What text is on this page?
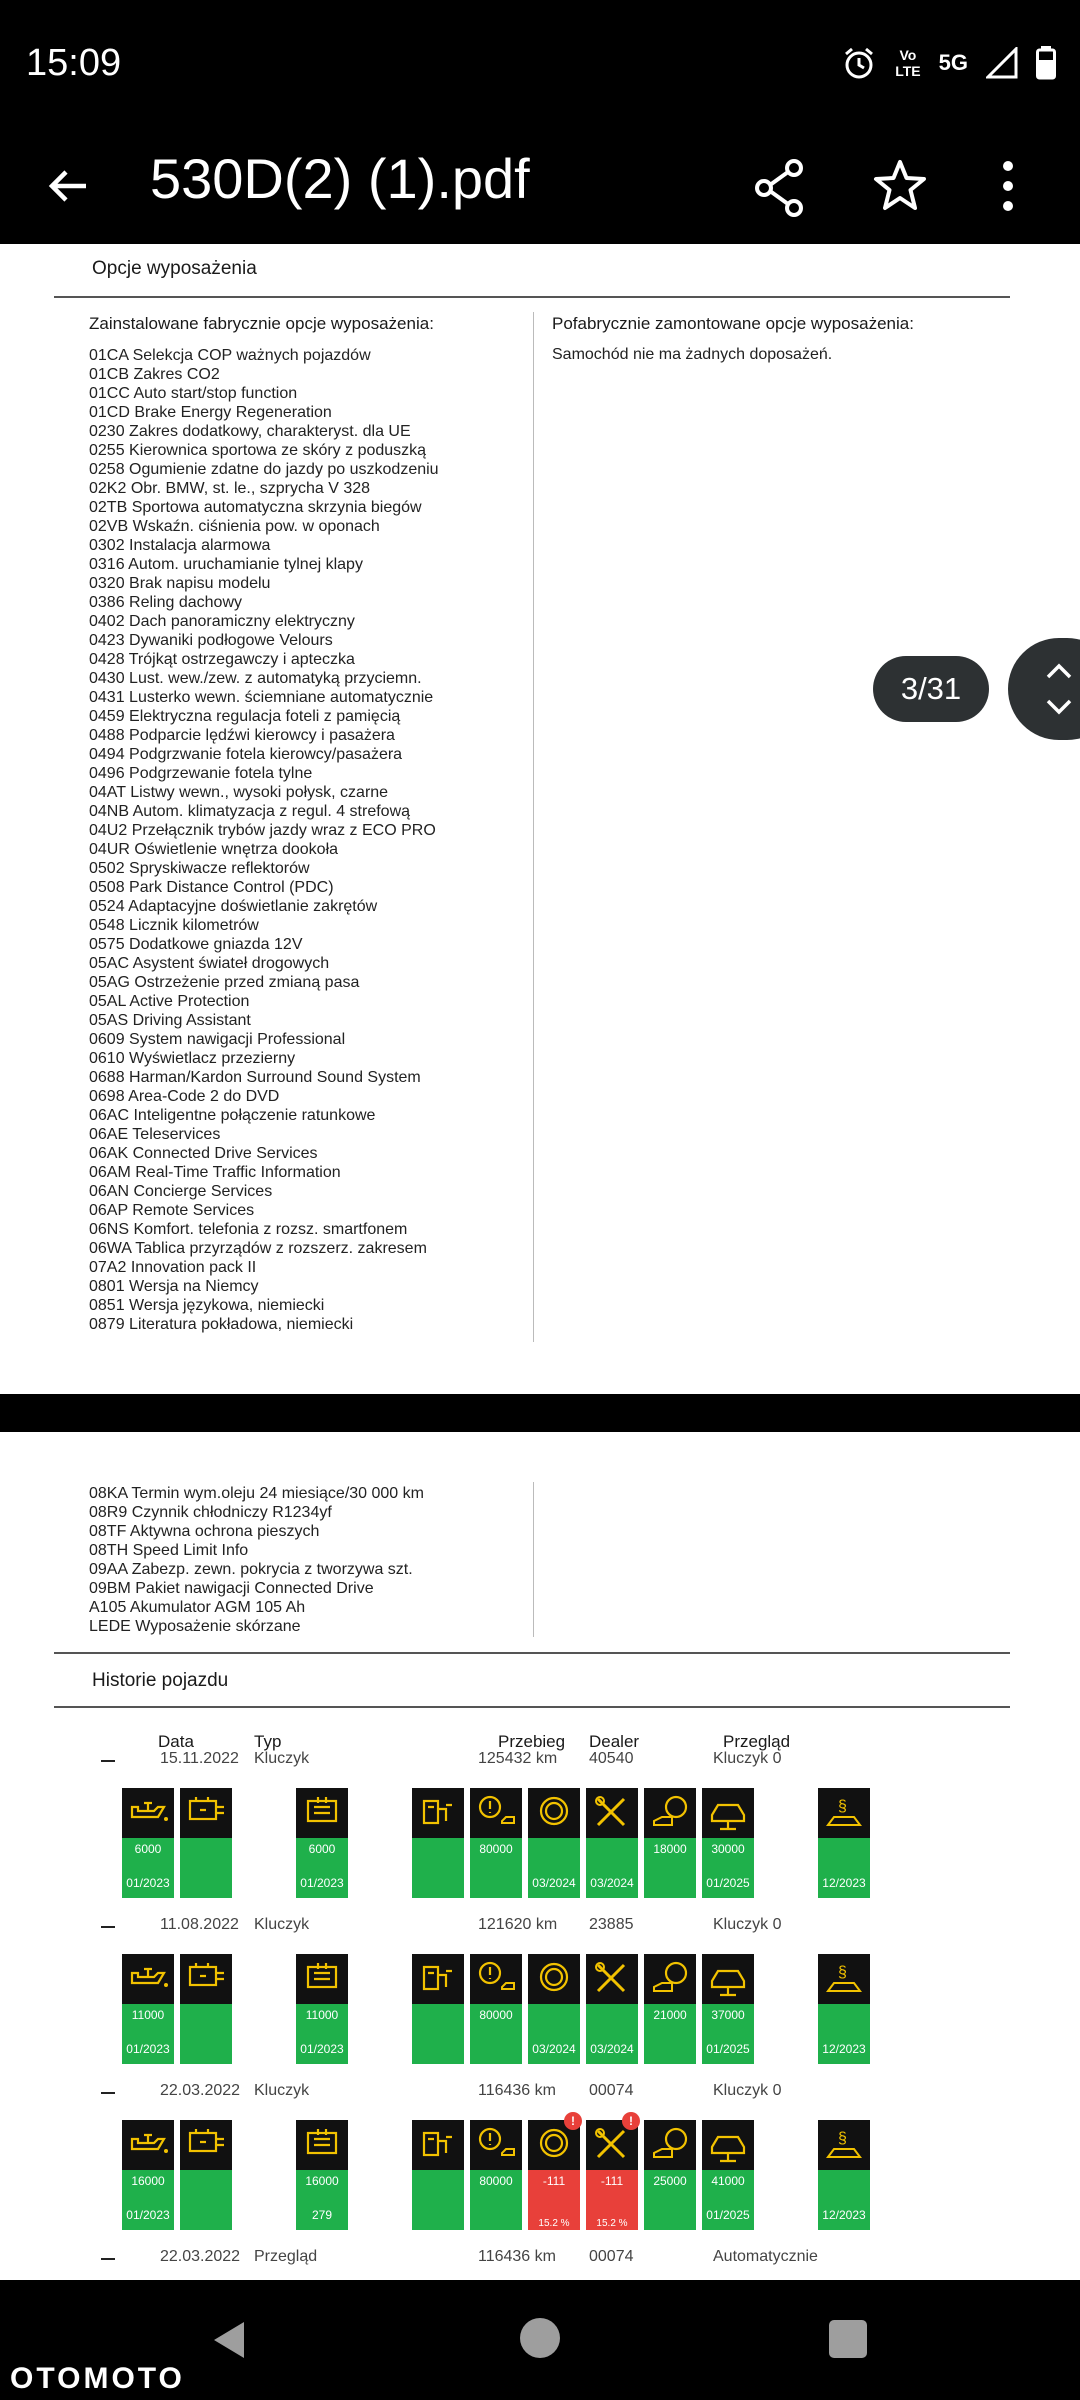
15:09	Vo
LTE 5G
530D(2) (1).pdf
Opcje wyposażenia
Zainstalowane fabrycznie opcje wyposażenia:	Pofabrycznie zamontowane opcje wyposażenia:
Samochód nie ma żadnych doposażeń.
01CA Selekcja COP ważnych pojazdów
01CB Zakres CO2
01CC Auto start/stop function
01CD Brake Energy Regeneration
0230 Zakres dodatkowy, charakteryst. dla UE
0255 Kierownica sportowa ze skóry z poduszką
0258 Ogumienie zdatne do jazdy po uszkodzeniu
02K2 Obr. BMW, st. le., szprycha V 328
02TB Sportowa automatyczna skrzynia biegów
02VB Wskaźn. ciśnienia pow. w oponach
0302 Instalacja alarmowa
0316 Autom. uruchamianie tylnej klapy
0320 Brak napisu modelu
0386 Reling dachowy
0402 Dach panoramiczny elektryczny
0423 Dywaniki podłogowe Velours
0428 Trójkąt ostrzegawczy i apteczka
0430 Lust. wew./zew. z automatyką przyciemn.
0431 Lusterko wewn. ściemniane automatycznie
0459 Elektryczna regulacja foteli z pamięcią
0488 Podparcie lędźwi kierowcy i pasażera
0494 Podgrzwanie fotela kierowcy/pasażera
0496 Podgrzewanie fotela tylne
04AT Listwy wewn., wysoki połysk, czarne
04NB Autom. klimatyzacja z regul. 4 strefową
04U2 Przełącznik trybów jazdy wraz z ECO PRO
04UR Oświetlenie wnętrza dookoła
0502 Spryskiwacze reflektorów
0508 Park Distance Control (PDC)
0524 Adaptacyjne doświetlanie zakrętów
0548 Licznik kilometrów
0575 Dodatkowe gniazda 12V
05AC Asystent świateł drogowych
05AG Ostrzeżenie przed zmianą pasa
05AL Active Protection
05AS Driving Assistant
0609 System nawigacji Professional
0610 Wyświetlacz przezierny
0688 Harman/Kardon Surround Sound System
0698 Area-Code 2 do DVD
06AC Inteligentne połączenie ratunkowe
06AE Teleservices
06AK Connected Drive Services
06AM Real-Time Traffic Information
06AN Concierge Services
06AP Remote Services
06NS Komfort. telefonia z rozsz. smartfonem
06WA Tablica przyrządów z rozszerz. zakresem
07A2 Innovation pack II
0801 Wersja na Niemcy
0851 Wersja językowa, niemiecki
0879 Literatura pokładowa, niemiecki
3/31
08KA Termin wym.oleju 24 miesiące/30 000 km
08R9 Czynnik chłodniczy R1234yf
08TF Aktywna ochrona pieszych
08TH Speed Limit Info
09AA Zabezp. zewn. pokrycia z tworzywa szt.
09BM Pakiet nawigacji Connected Drive
A105 Akumulator AGM 105 Ah
LEDE Wyposażenie skórzane
Historie pojazdu
Data	Typ	Przebieg Dealer	Przegląd
15.11.2022 Kluczyk	125432 km 40540	Kluczyk 0
6000
01/2023
6000
01/2023
80000
03/2024	03/2024
18000	30000
01/2025
§
12/2023
11.08.2022 Kluczyk	121620 km 23885	Kluczyk 0
11000
01/2023
11000
01/2023
80000
03/2024	03/2024
21000	37000
01/2025
§
12/2023
22.03.2022 Kluczyk	116436 km 00074	Kluczyk 0
16000
01/2023
16000
279
80000
!
-111
15.2 %
!
-111
15.2 %
25000	41000
01/2025
§
12/2023
22.03.2022 Przegląd	116436 km 00074	Automatycznie
OTOMOTO
